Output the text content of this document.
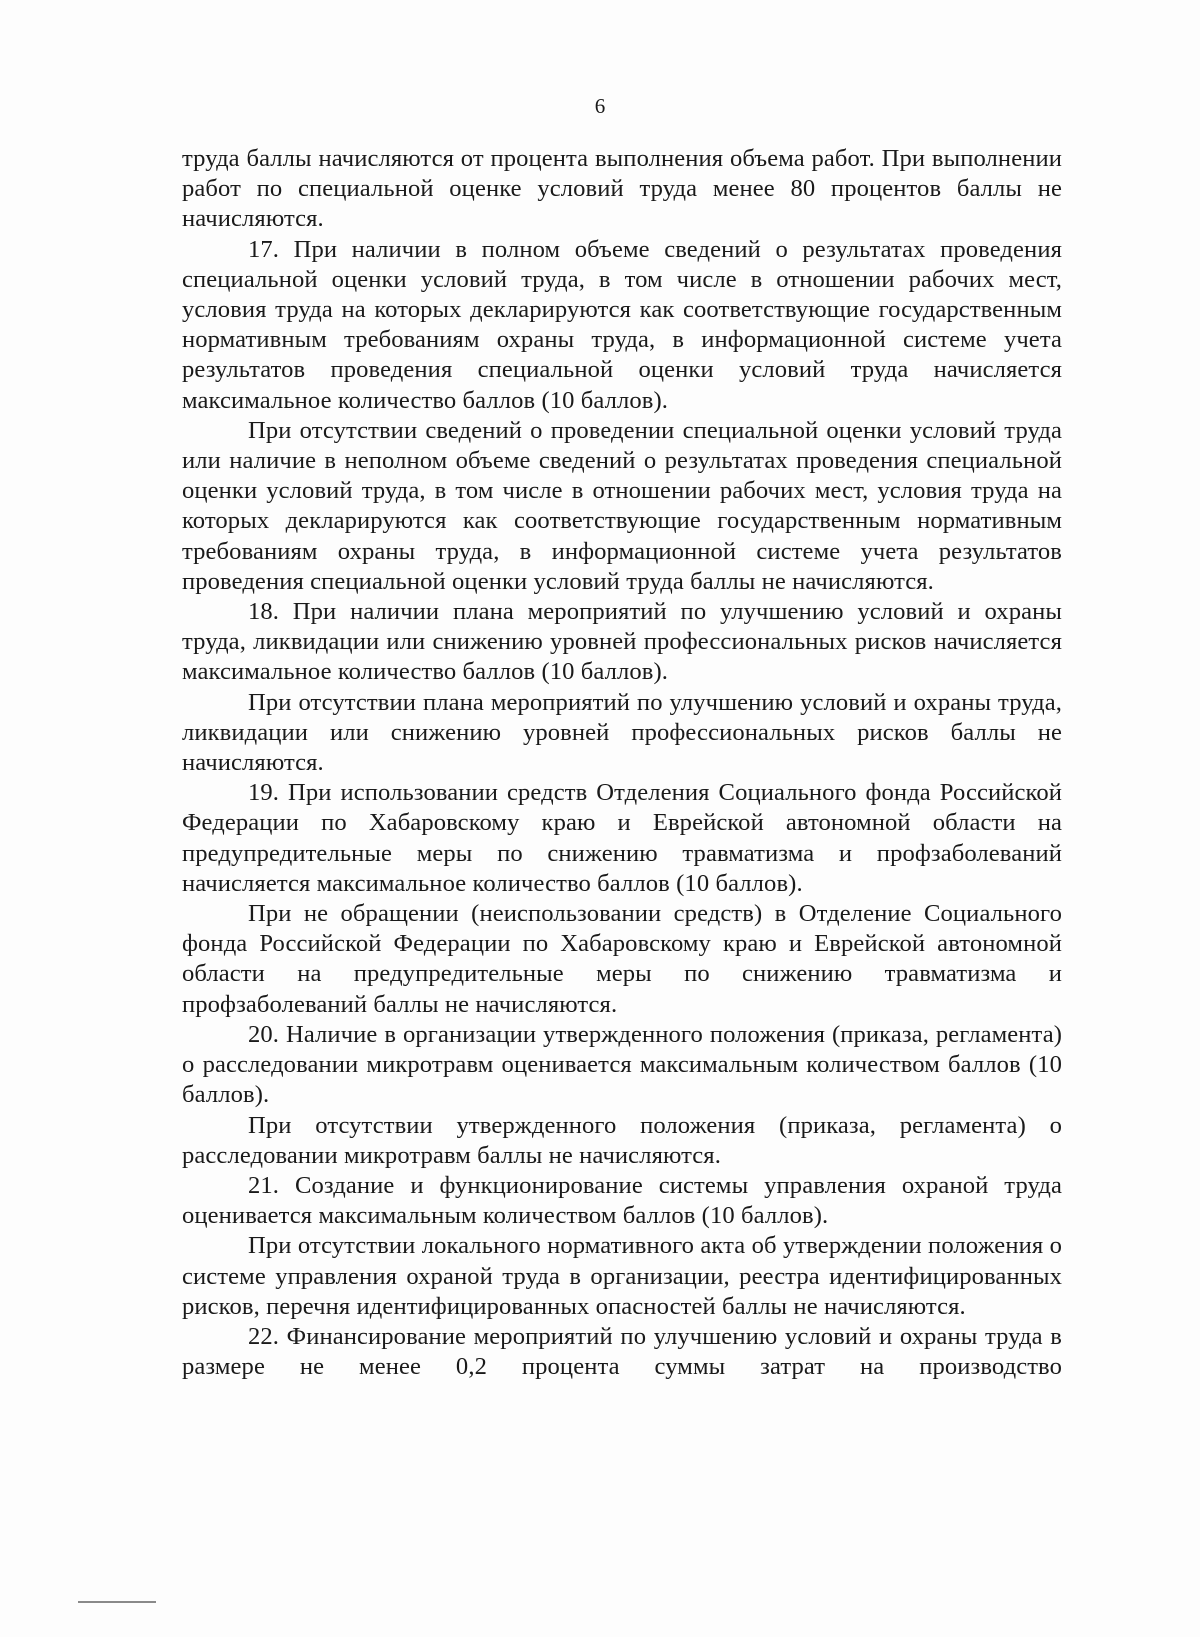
6

труда баллы начисляются от процента выполнения объема работ. При выполнении работ по специальной оценке условий труда менее 80 процентов баллы не начисляются.

17. При наличии в полном объеме сведений о результатах проведения специальной оценки условий труда, в том числе в отношении рабочих мест, условия труда на которых декларируются как соответствующие государственным нормативным требованиям охраны труда, в информационной системе учета результатов проведения специальной оценки условий труда начисляется максимальное количество баллов (10 баллов).

При отсутствии сведений о проведении специальной оценки условий труда или наличие в неполном объеме сведений о результатах проведения специальной оценки условий труда, в том числе в отношении рабочих мест, условия труда на которых декларируются как соответствующие государственным нормативным требованиям охраны труда, в информационной системе учета результатов проведения специальной оценки условий труда баллы не начисляются.

18. При наличии плана мероприятий по улучшению условий и охраны труда, ликвидации или снижению уровней профессиональных рисков начисляется максимальное количество баллов (10 баллов).

При отсутствии плана мероприятий по улучшению условий и охраны труда, ликвидации или снижению уровней профессиональных рисков баллы не начисляются.

19. При использовании средств Отделения Социального фонда Российской Федерации по Хабаровскому краю и Еврейской автономной области на предупредительные меры по снижению травматизма и профзаболеваний начисляется максимальное количество баллов (10 баллов).

При не обращении (неиспользовании средств) в Отделение Социального фонда Российской Федерации по Хабаровскому краю и Еврейской автономной области на предупредительные меры по снижению травматизма и профзаболеваний баллы не начисляются.

20. Наличие в организации утвержденного положения (приказа, регламента) о расследовании микротравм оценивается максимальным количеством баллов (10 баллов).

При отсутствии утвержденного положения (приказа, регламента) о расследовании микротравм баллы не начисляются.

21. Создание и функционирование системы управления охраной труда оценивается максимальным количеством баллов (10 баллов).

При отсутствии локального нормативного акта об утверждении положения о системе управления охраной труда в организации, реестра идентифицированных рисков, перечня идентифицированных опасностей баллы не начисляются.

22. Финансирование мероприятий по улучшению условий и охраны труда в размере не менее 0,2 процента суммы затрат на производство
